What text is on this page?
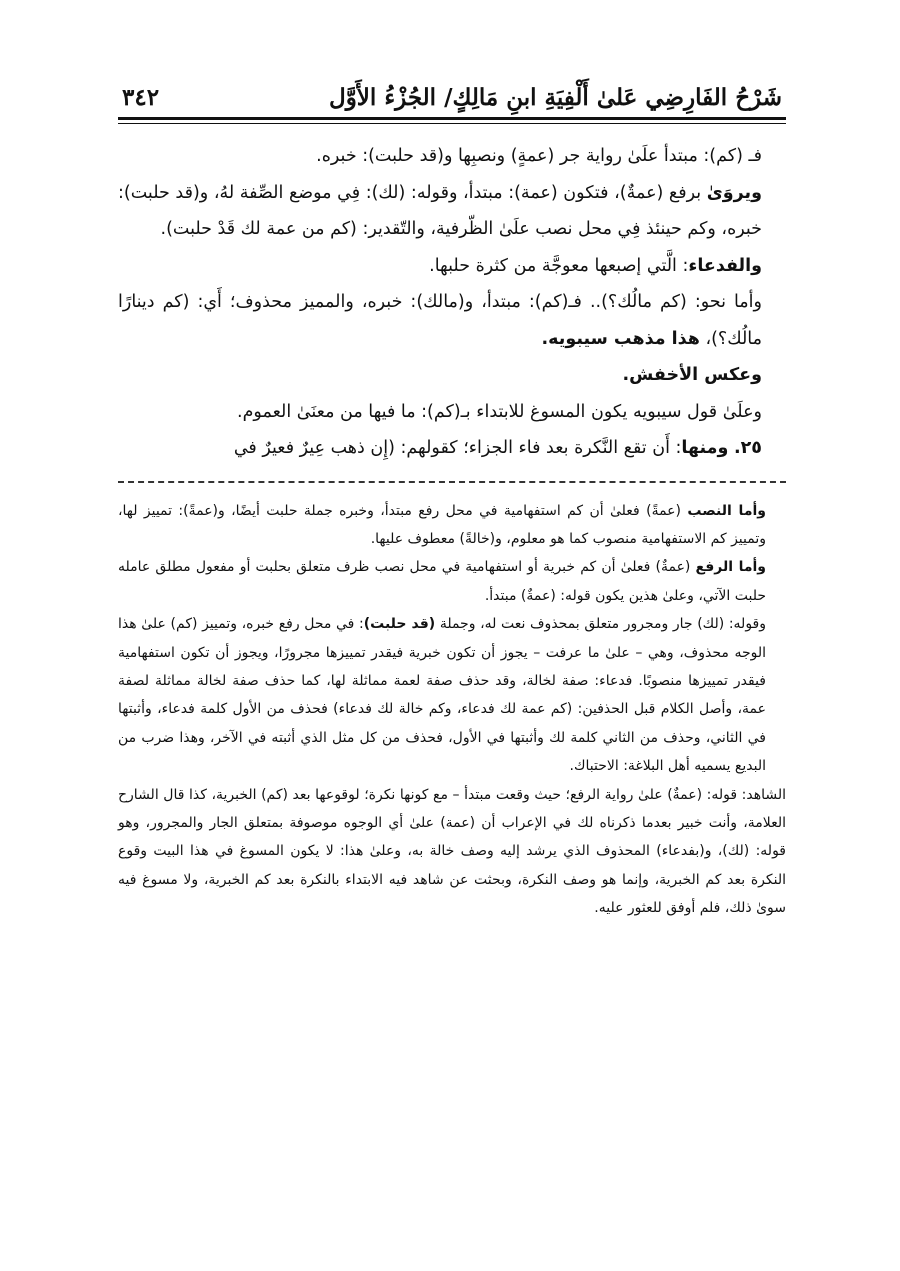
شَرْحُ الفَارِضِي عَلىٰ أَلْفِيَةِ ابنِ مَالِكٍ/ الجُزْءُ الأَوَّل
٣٤٢

فـ (كم): مبتدأ علَىٰ رواية جر (عمةٍ) ونصبِها و(قد حلبت): خبره.

ويروَىٰ برفع (عمةٌ)، فتكون (عمة): مبتدأ، وقوله: (لك): فِي موضع الصِّفة لهُ، و(قد حلبت): خبره، وكم حينئذ فِي محل نصب علَىٰ الظّرفية، والتّقدير: (كم من عمة لك قَدْ حلبت).

والفدعاء: الَّتي إصبعها معوجَّة من كثرة حلبها.

وأما نحو: (كم مالُك؟).. فـ(كم): مبتدأ، و(مالك): خبره، والمميز محذوف؛ أَي: (كم دينارًا مالُك؟)، هذا مذهب سيبويه.

وعكس الأخفش.

وعلَىٰ قول سيبويه يكون المسوغ للابتداء بـ(كم): ما فيها من معنَىٰ العموم.

٢٥. ومنها: أَن تقع النَّكرة بعد فاء الجزاء؛ كقولهم: (إِن ذهب عِيرٌ فعيرٌ في

وأما النصب (عمةً) فعلىٰ أن كم استفهامية في محل رفع مبتدأ، وخبره جملة حلبت أيضًا، و(عمةً): تمييز لها، وتمييز كم الاستفهامية منصوب كما هو معلوم، و(خالةً) معطوف عليها.

وأما الرفع (عمةٌ) فعلىٰ أن كم خبرية أو استفهامية في محل نصب ظرف متعلق بحلبت أو مفعول مطلق عامله حلبت الآتي، وعلىٰ هذين يكون قوله: (عمةٌ) مبتدأ.

وقوله: (لك) جار ومجرور متعلق بمحذوف نعت له، وجملة (قد حلبت): في محل رفع خبره، وتمييز (كم) علىٰ هذا الوجه محذوف، وهي – علىٰ ما عرفت – يجوز أن تكون خبرية فيقدر تمييزها مجرورًا، ويجوز أن تكون استفهامية فيقدر تمييزها منصوبًا. فدعاء: صفة لخالة، وقد حذف صفة لعمة مماثلة لها، كما حذف صفة لخالة مماثلة لصفة عمة، وأصل الكلام قبل الحذفين: (كم عمة لك فدعاء، وكم خالة لك فدعاء) فحذف من الأول كلمة فدعاء، وأثبتها في الثاني، وحذف من الثاني كلمة لك وأثبتها في الأول، فحذف من كل مثل الذي أثبته في الآخر، وهذا ضرب من البديع يسميه أهل البلاغة: الاحتباك.

الشاهد: قوله: (عمةٌ) علىٰ رواية الرفع؛ حيث وقعت مبتدأ – مع كونها نكرة؛ لوقوعها بعد (كم) الخبرية، كذا قال الشارح العلامة، وأنت خبير بعدما ذكرناه لك في الإعراب أن (عمة) علىٰ أي الوجوه موصوفة بمتعلق الجار والمجرور، وهو قوله: (لك)، و(بفدعاء) المحذوف الذي يرشد إليه وصف خالة به، وعلىٰ هذا: لا يكون المسوغ في هذا البيت وقوع النكرة بعد كم الخبرية، وإنما هو وصف النكرة، وبحثت عن شاهد فيه الابتداء بالنكرة بعد كم الخبرية، ولا مسوغ فيه سوىٰ ذلك، فلم أوفق للعثور عليه.
